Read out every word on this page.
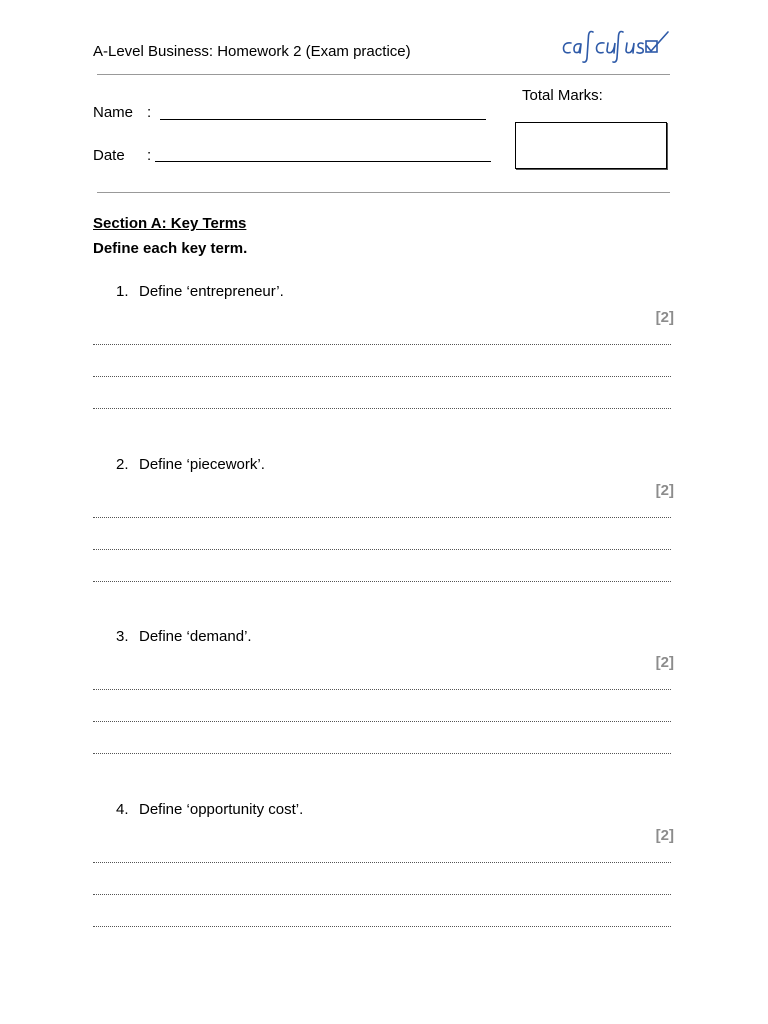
A-Level Business: Homework 2 (Exam practice)
Name :
Date :
Total Marks:
Section A: Key Terms
Define each key term.
1. Define ‘entrepreneur’.
[2]
2. Define ‘piecework’.
[2]
3. Define ‘demand’.
[2]
4. Define ‘opportunity cost’.
[2]
